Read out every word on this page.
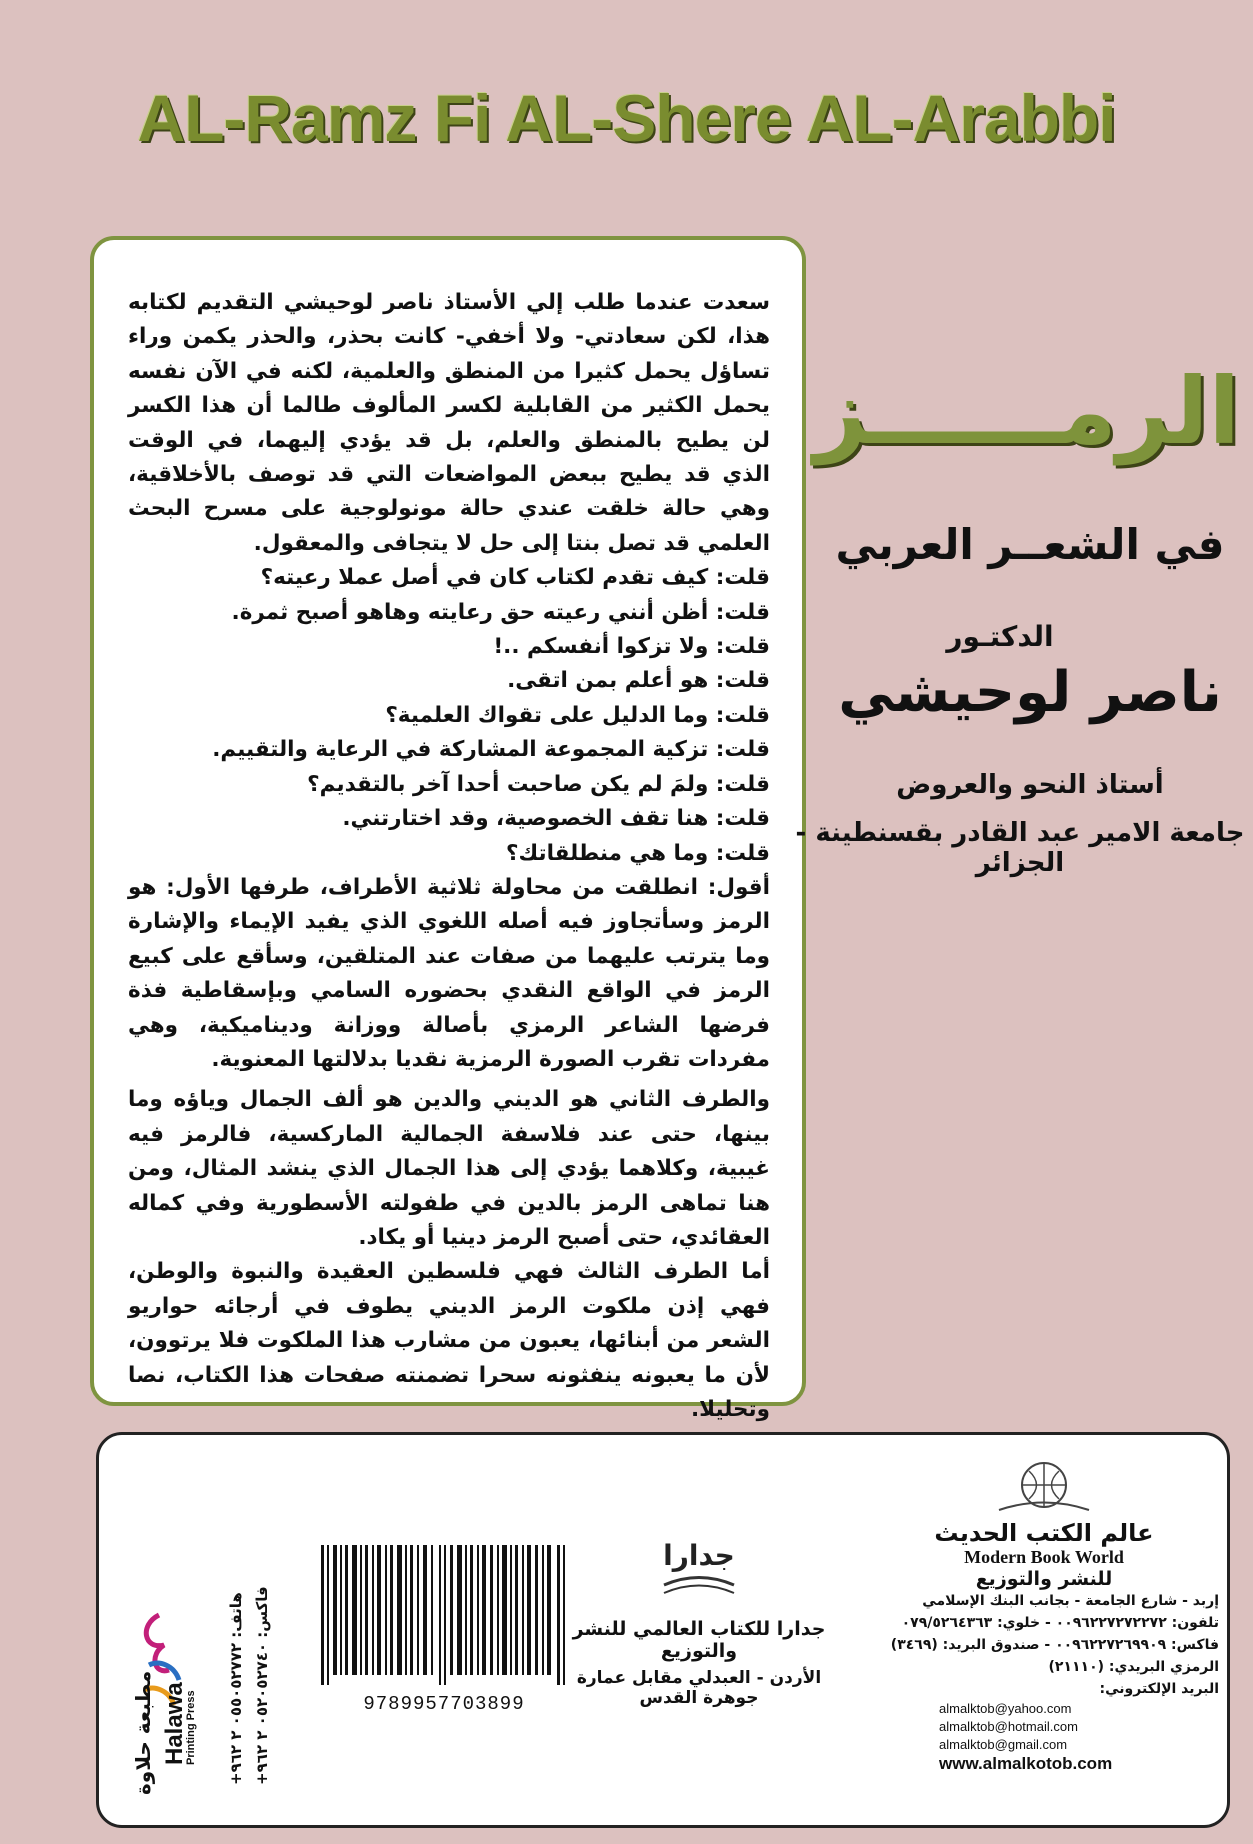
AL-Ramz Fi AL-Shere AL-Arabbi

سعدت عندما طلب إلي الأستاذ ناصر لوحيشي التقديم لكتابه هذا، لكن سعادتي- ولا أخفي- كانت بحذر، والحذر يكمن وراء تساؤل يحمل كثيرا من المنطق والعلمية، لكنه في الآن نفسه يحمل الكثير من القابلية لكسر المألوف طالما أن هذا الكسر لن يطيح بالمنطق والعلم، بل قد يؤدي إليهما، في الوقت الذي قد يطيح ببعض المواضعات التي قد توصف بالأخلاقية، وهي حالة خلقت عندي حالة مونولوجية على مسرح البحث العلمي قد تصل بنتا إلى حل لا يتجافى والمعقول.

قلت: كيف تقدم لكتاب كان في أصل عملا رعيته؟
قلت: أظن أنني رعيته حق رعايته وهاهو أصبح ثمرة.
قلت: ولا تزكوا أنفسكم ..!
قلت: هو أعلم بمن اتقى.
قلت: وما الدليل على تقواك العلمية؟
قلت: تزكية المجموعة المشاركة في الرعاية والتقييم.
قلت: ولمَ لم يكن صاحبت أحدا آخر بالتقديم؟
قلت: هنا تقف الخصوصية، وقد اختارتني.
قلت: وما هي منطلقاتك؟

أقول: انطلقت من محاولة ثلاثية الأطراف، طرفها الأول: هو الرمز وسأتجاوز فيه أصله اللغوي الذي يفيد الإيماء والإشارة وما يترتب عليهما من صفات عند المتلقين، وسأقع على كبيع الرمز في الواقع النقدي بحضوره السامي وبإسقاطية فذة فرضها الشاعر الرمزي بأصالة ووزانة وديناميكية، وهي مفردات تقرب الصورة الرمزية نقديا بدلالتها المعنوية.

والطرف الثاني هو الديني والدين هو ألف الجمال وياؤه وما بينها، حتى عند فلاسفة الجمالية الماركسية، فالرمز فيه غيبية، وكلاهما يؤدي إلى هذا الجمال الذي ينشد المثال، ومن هنا تماهى الرمز بالدين في طفولته الأسطورية وفي كماله العقائدي، حتى أصبح الرمز دينيا أو يكاد.

أما الطرف الثالث فهي فلسطين العقيدة والنبوة والوطن، فهي إذن ملكوت الرمز الديني يطوف في أرجائه حواريو الشعر من أبنائها، يعبون من مشارب هذا الملكوت فلا يرتوون، لأن ما يعبونه ينفثونه سحرا تضمنته صفحات هذا الكتاب، نصا وتحليلا.

الرمــــــز
في الشعــر العربي
الدكتـور
ناصر لوحيشي
أستاذ النحو والعروض
جامعة الامير عبد القادر بقسنطينة - الجزائر
مطبعة حلاوة Halawa
Printing Press
هاتف: ٠٥٥٠٥٢٧٧٢ ٢ ٩٦٢+
فاكس: ٠٥٢٠٥٢٧٤٠ ٢ ٩٦٢+
9789957703899
جدارا
جدارا للكتاب العالمي للنشر والتوزيع
الأردن - العبدلي مقابل عمارة جوهرة القدس
عالم الكتب الحديث
Modern Book World
للنشر والتوزيع
إربد - شارع الجامعة - بجانب البنك الإسلامي
تلفون: ٠٠٩٦٢٢٧٢٧٢٢٧٢ - خلوي: ٠٧٩/٥٢٦٤٣٦٣
فاكس: ٠٠٩٦٢٢٧٢٦٩٩٠٩ - صندوق البريد: (٣٤٦٩)
الرمزي البريدي: (٢١١١٠)
البريد الإلكتروني:
almalktob@yahoo.com
almalktob@hotmail.com
almalktob@gmail.com
www.almalkotob.com
